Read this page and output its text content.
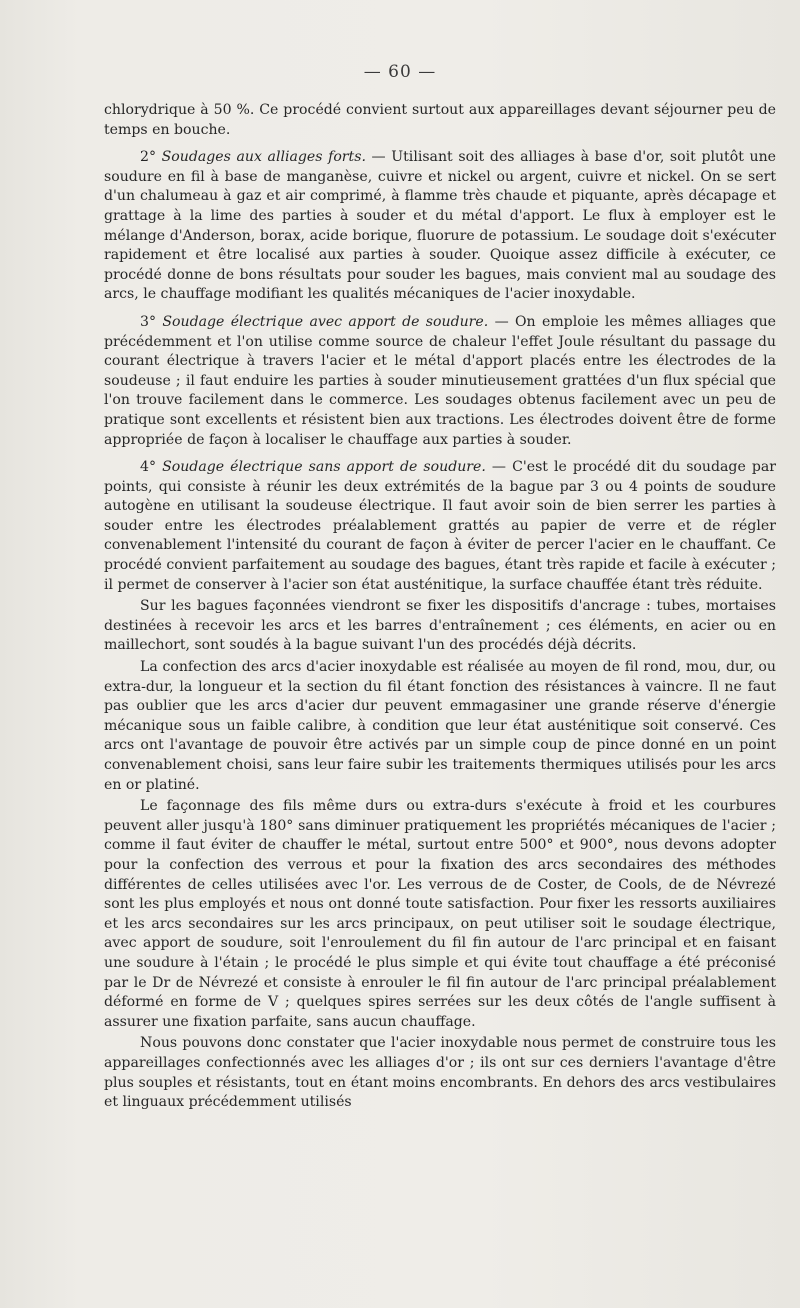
— 60 —

chlorydrique à 50 %. Ce procédé convient surtout aux appareillages devant séjourner peu de temps en bouche.

2° Soudages aux alliages forts. — Utilisant soit des alliages à base d'or, soit plutôt une soudure en fil à base de manganèse, cuivre et nickel ou argent, cuivre et nickel. On se sert d'un chalumeau à gaz et air comprimé, à flamme très chaude et piquante, après décapage et grattage à la lime des parties à souder et du métal d'apport. Le flux à employer est le mélange d'Anderson, borax, acide borique, fluorure de potassium. Le soudage doit s'exécuter rapidement et être localisé aux parties à souder. Quoique assez difficile à exécuter, ce procédé donne de bons résultats pour souder les bagues, mais convient mal au soudage des arcs, le chauffage modifiant les qualités mécaniques de l'acier inoxydable.

3° Soudage électrique avec apport de soudure. — On emploie les mêmes alliages que précédemment et l'on utilise comme source de chaleur l'effet Joule résultant du passage du courant électrique à travers l'acier et le métal d'apport placés entre les électrodes de la soudeuse ; il faut enduire les parties à souder minutieusement grattées d'un flux spécial que l'on trouve facilement dans le commerce. Les soudages obtenus facilement avec un peu de pratique sont excellents et résistent bien aux tractions. Les électrodes doivent être de forme appropriée de façon à localiser le chauffage aux parties à souder.

4° Soudage électrique sans apport de soudure. — C'est le procédé dit du soudage par points, qui consiste à réunir les deux extrémités de la bague par 3 ou 4 points de soudure autogène en utilisant la soudeuse électrique. Il faut avoir soin de bien serrer les parties à souder entre les électrodes préalablement grattés au papier de verre et de régler convenablement l'intensité du courant de façon à éviter de percer l'acier en le chauffant. Ce procédé convient parfaitement au soudage des bagues, étant très rapide et facile à exécuter ; il permet de conserver à l'acier son état austénitique, la surface chauffée étant très réduite.

Sur les bagues façonnées viendront se fixer les dispositifs d'ancrage : tubes, mortaises destinées à recevoir les arcs et les barres d'entraînement ; ces éléments, en acier ou en maillechort, sont soudés à la bague suivant l'un des procédés déjà décrits.

La confection des arcs d'acier inoxydable est réalisée au moyen de fil rond, mou, dur, ou extra-dur, la longueur et la section du fil étant fonction des résistances à vaincre. Il ne faut pas oublier que les arcs d'acier dur peuvent emmagasiner une grande réserve d'énergie mécanique sous un faible calibre, à condition que leur état austénitique soit conservé. Ces arcs ont l'avantage de pouvoir être activés par un simple coup de pince donné en un point convenablement choisi, sans leur faire subir les traitements thermiques utilisés pour les arcs en or platiné.

Le façonnage des fils même durs ou extra-durs s'exécute à froid et les courbures peuvent aller jusqu'à 180° sans diminuer pratiquement les propriétés mécaniques de l'acier ; comme il faut éviter de chauffer le métal, surtout entre 500° et 900°, nous devons adopter pour la confection des verrous et pour la fixation des arcs secondaires des méthodes différentes de celles utilisées avec l'or. Les verrous de de Coster, de Cools, de de Névrezé sont les plus employés et nous ont donné toute satisfaction. Pour fixer les ressorts auxiliaires et les arcs secondaires sur les arcs principaux, on peut utiliser soit le soudage électrique, avec apport de soudure, soit l'enroulement du fil fin autour de l'arc principal et en faisant une soudure à l'étain ; le procédé le plus simple et qui évite tout chauffage a été préconisé par le Dr de Névrezé et consiste à enrouler le fil fin autour de l'arc principal préalablement déformé en forme de V ; quelques spires serrées sur les deux côtés de l'angle suffisent à assurer une fixation parfaite, sans aucun chauffage.

Nous pouvons donc constater que l'acier inoxydable nous permet de construire tous les appareillages confectionnés avec les alliages d'or ; ils ont sur ces derniers l'avantage d'être plus souples et résistants, tout en étant moins encombrants. En dehors des arcs vestibulaires et linguaux précédemment utilisés
